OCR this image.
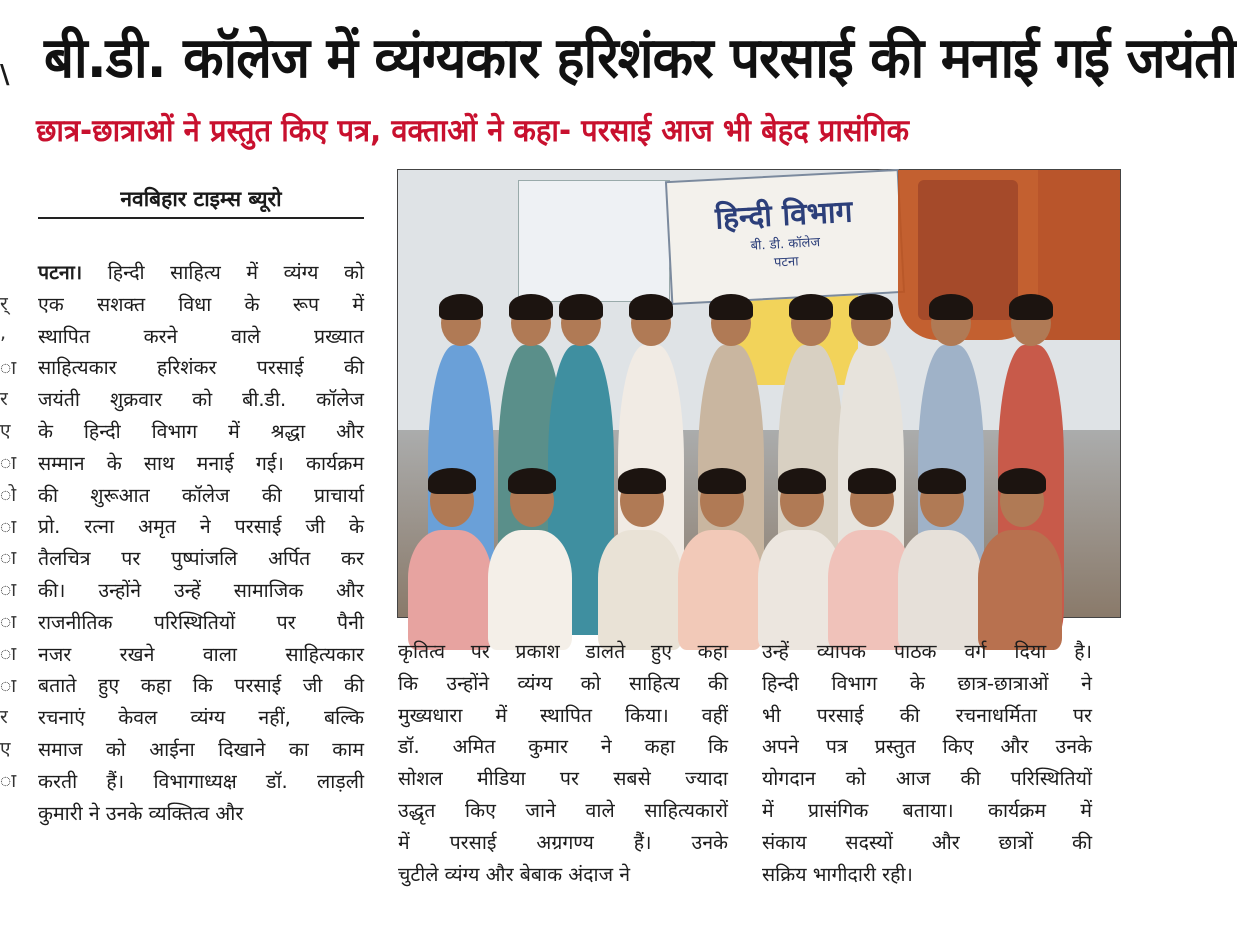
\ बी.डी. कॉलेज में व्यंग्यकार हरिशंकर परसाई की मनाई गई जयंती
छात्र-छात्राओं ने प्रस्तुत किए पत्र, वक्ताओं ने कहा- परसाई आज भी बेहद प्रासंगिक
नवबिहार टाइम्स ब्यूरो
र्
,
ा
र
ए
ा
ो
ा
ा
ा
ा
ा
ा
र
ए
ा
पटना। हिन्दी साहित्य में व्यंग्य को
एक सशक्त विधा के रूप में
स्थापित करने वाले प्रख्यात
साहित्यकार हरिशंकर परसाई की
जयंती शुक्रवार को बी.डी. कॉलेज
के हिन्दी विभाग में श्रद्धा और
सम्मान के साथ मनाई गई। कार्यक्रम
की शुरूआत कॉलेज की प्राचार्या
प्रो. रत्ना अमृत ने परसाई जी के
तैलचित्र पर पुष्पांजलि अर्पित कर
की। उन्होंने उन्हें सामाजिक और
राजनीतिक परिस्थितियों पर पैनी
नजर रखने वाला साहित्यकार
बताते हुए कहा कि परसाई जी की
रचनाएं केवल व्यंग्य नहीं, बल्कि
समाज को आईना दिखाने का काम
करती हैं। विभागाध्यक्ष डॉ. लाड़ली
कुमारी ने उनके व्यक्तित्व और
हिन्दी विभाग
बी. डी. कॉलेज
पटना
कृतित्व पर प्रकाश डालते हुए कहा
कि उन्होंने व्यंग्य को साहित्य की
मुख्यधारा में स्थापित किया। वहीं
डॉ. अमित कुमार ने कहा कि
सोशल मीडिया पर सबसे ज्यादा
उद्धृत किए जाने वाले साहित्यकारों
में परसाई अग्रगण्य हैं। उनके
चुटीले व्यंग्य और बेबाक अंदाज ने
उन्हें व्यापक पाठक वर्ग दिया है।
हिन्दी विभाग के छात्र-छात्राओं ने
भी परसाई की रचनाधर्मिता पर
अपने पत्र प्रस्तुत किए और उनके
योगदान को आज की परिस्थितियों
में प्रासंगिक बताया। कार्यक्रम में
संकाय सदस्यों और छात्रों की
सक्रिय भागीदारी रही।
